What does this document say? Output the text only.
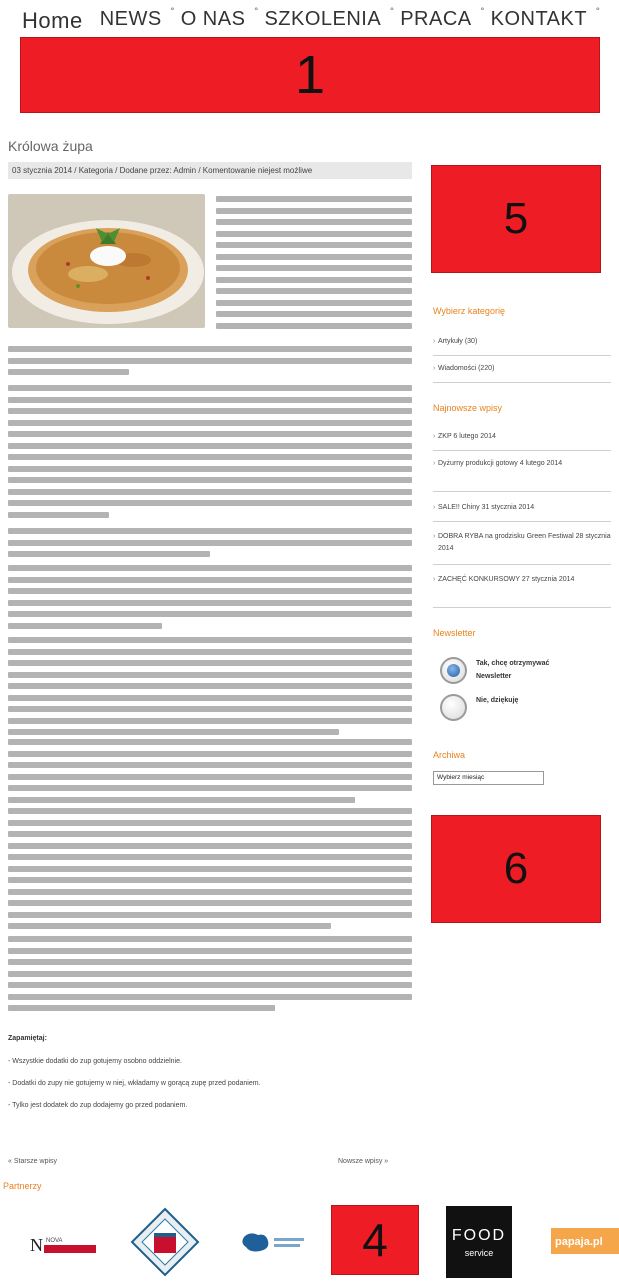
Home NEWS ˚ O NAS ˚ SZKOLENIA ˚ PRACA ˚ KONTAKT ˚
1
5
6
4
Królowa żupa
03 stycznia 2014 / Kategoria / Dodane przez: Admin / Komentowanie niejest możliwe
Zapamiętaj:
- Wszystkie dodatki do zup gotujemy osobno oddzielnie.
- Dodatki do zupy nie gotujemy w niej, wkładamy w gorącą zupę przed podaniem.
- Tylko jest dodatek do zup dodajemy go przed podaniem.
« Starsze wpisy	Nowsze wpisy »
Wybierz kategorię
› Artykuły (30)
› Wiadomości (220)
Najnowsze wpisy
› ZKP 6 lutego 2014
› Dyżurny produkcji gotowy 4 lutego 2014
› SALE!! Chiny 31 stycznia 2014
› DOBRA RYBA na grodzisku Green Festiwal 28 stycznia 2014
› ZACHĘĆ KONKURSOWY 27 stycznia 2014
Newsletter
Tak, chcę otrzymywać Newsletter
Nie, dziękuję
Archiwa
Wybierz miesiąc
Partnerzy
N NOVA	FOOD
service
papaja.pl
